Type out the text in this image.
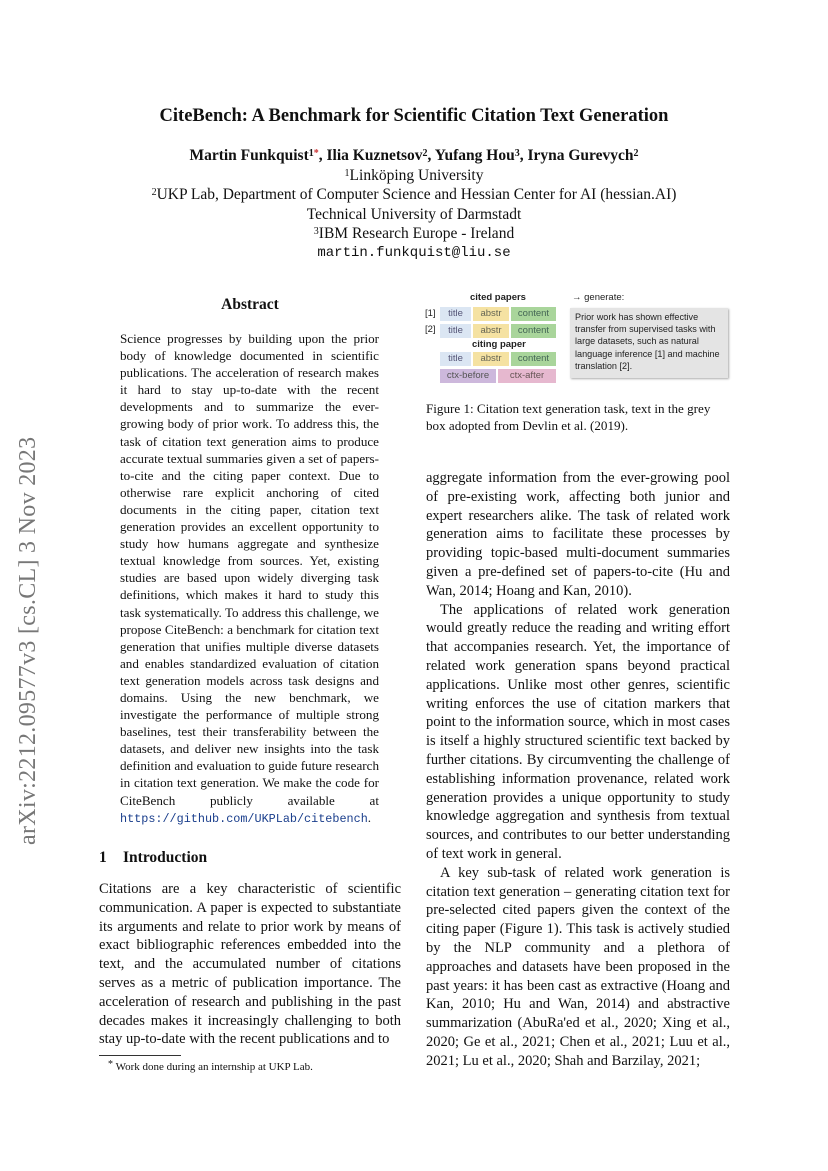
CiteBench: A Benchmark for Scientific Citation Text Generation
Martin Funkquist$^{1*}$, Ilia Kuznetsov$^2$, Yufang Hou$^3$, Iryna Gurevych$^2$
$^1$Linköping University
$^2$UKP Lab, Department of Computer Science and Hessian Center for AI (hessian.AI)
Technical University of Darmstadt
$^3$IBM Research Europe - Ireland
martin.funkquist@liu.se
arXiv:2212.09577v3 [cs.CL] 3 Nov 2023
Abstract
Science progresses by building upon the prior body of knowledge documented in scientific publications. The acceleration of research makes it hard to stay up-to-date with the recent developments and to summarize the ever-growing body of prior work. To address this, the task of citation text generation aims to produce accurate textual summaries given a set of papers-to-cite and the citing paper context. Due to otherwise rare explicit anchoring of cited documents in the citing paper, citation text generation provides an excellent opportunity to study how humans aggregate and synthesize textual knowledge from sources. Yet, existing studies are based upon widely diverging task definitions, which makes it hard to study this task systematically. To address this challenge, we propose CiteBench: a benchmark for citation text generation that unifies multiple diverse datasets and enables standardized evaluation of citation text generation models across task designs and domains. Using the new benchmark, we investigate the performance of multiple strong baselines, test their transferability between the datasets, and deliver new insights into the task definition and evaluation to guide future research in citation text generation. We make the code for CiteBench publicly available at https://github.com/UKPLab/citebench.
1 Introduction
Citations are a key characteristic of scientific communication. A paper is expected to substantiate its arguments and relate to prior work by means of exact bibliographic references embedded into the text, and the accumulated number of citations serves as a metric of publication importance. The acceleration of research and publishing in the past decades makes it increasingly challenging to both stay up-to-date with the recent publications and to
cited papers	→ generate:
[1]	title	abstr	content
[2]	title	abstr	content
citing paper
title	abstr	content
ctx-before	ctx-after
Prior work has shown effective transfer from supervised tasks with large datasets, such as natural language inference [1] and machine translation [2].
Figure 1: Citation text generation task, text in the grey box adopted from Devlin et al. (2019).

aggregate information from the ever-growing pool of pre-existing work, affecting both junior and expert researchers alike. The task of related work generation aims to facilitate these processes by providing topic-based multi-document summaries given a pre-defined set of papers-to-cite (Hu and Wan, 2014; Hoang and Kan, 2010).

The applications of related work generation would greatly reduce the reading and writing effort that accompanies research. Yet, the importance of related work generation spans beyond practical applications. Unlike most other genres, scientific writing enforces the use of citation markers that point to the information source, which in most cases is itself a highly structured scientific text backed by further citations. By circumventing the challenge of establishing information provenance, related work generation provides a unique opportunity to study knowledge aggregation and synthesis from textual sources, and contributes to our better understanding of text work in general.

A key sub-task of related work generation is citation text generation – generating citation text for pre-selected cited papers given the context of the citing paper (Figure 1). This task is actively studied by the NLP community and a plethora of approaches and datasets have been proposed in the past years: it has been cast as extractive (Hoang and Kan, 2010; Hu and Wan, 2014) and abstractive summarization (AbuRa'ed et al., 2020; Xing et al., 2020; Ge et al., 2021; Chen et al., 2021; Luu et al., 2021; Lu et al., 2020; Shah and Barzilay, 2021;

* Work done during an internship at UKP Lab.
